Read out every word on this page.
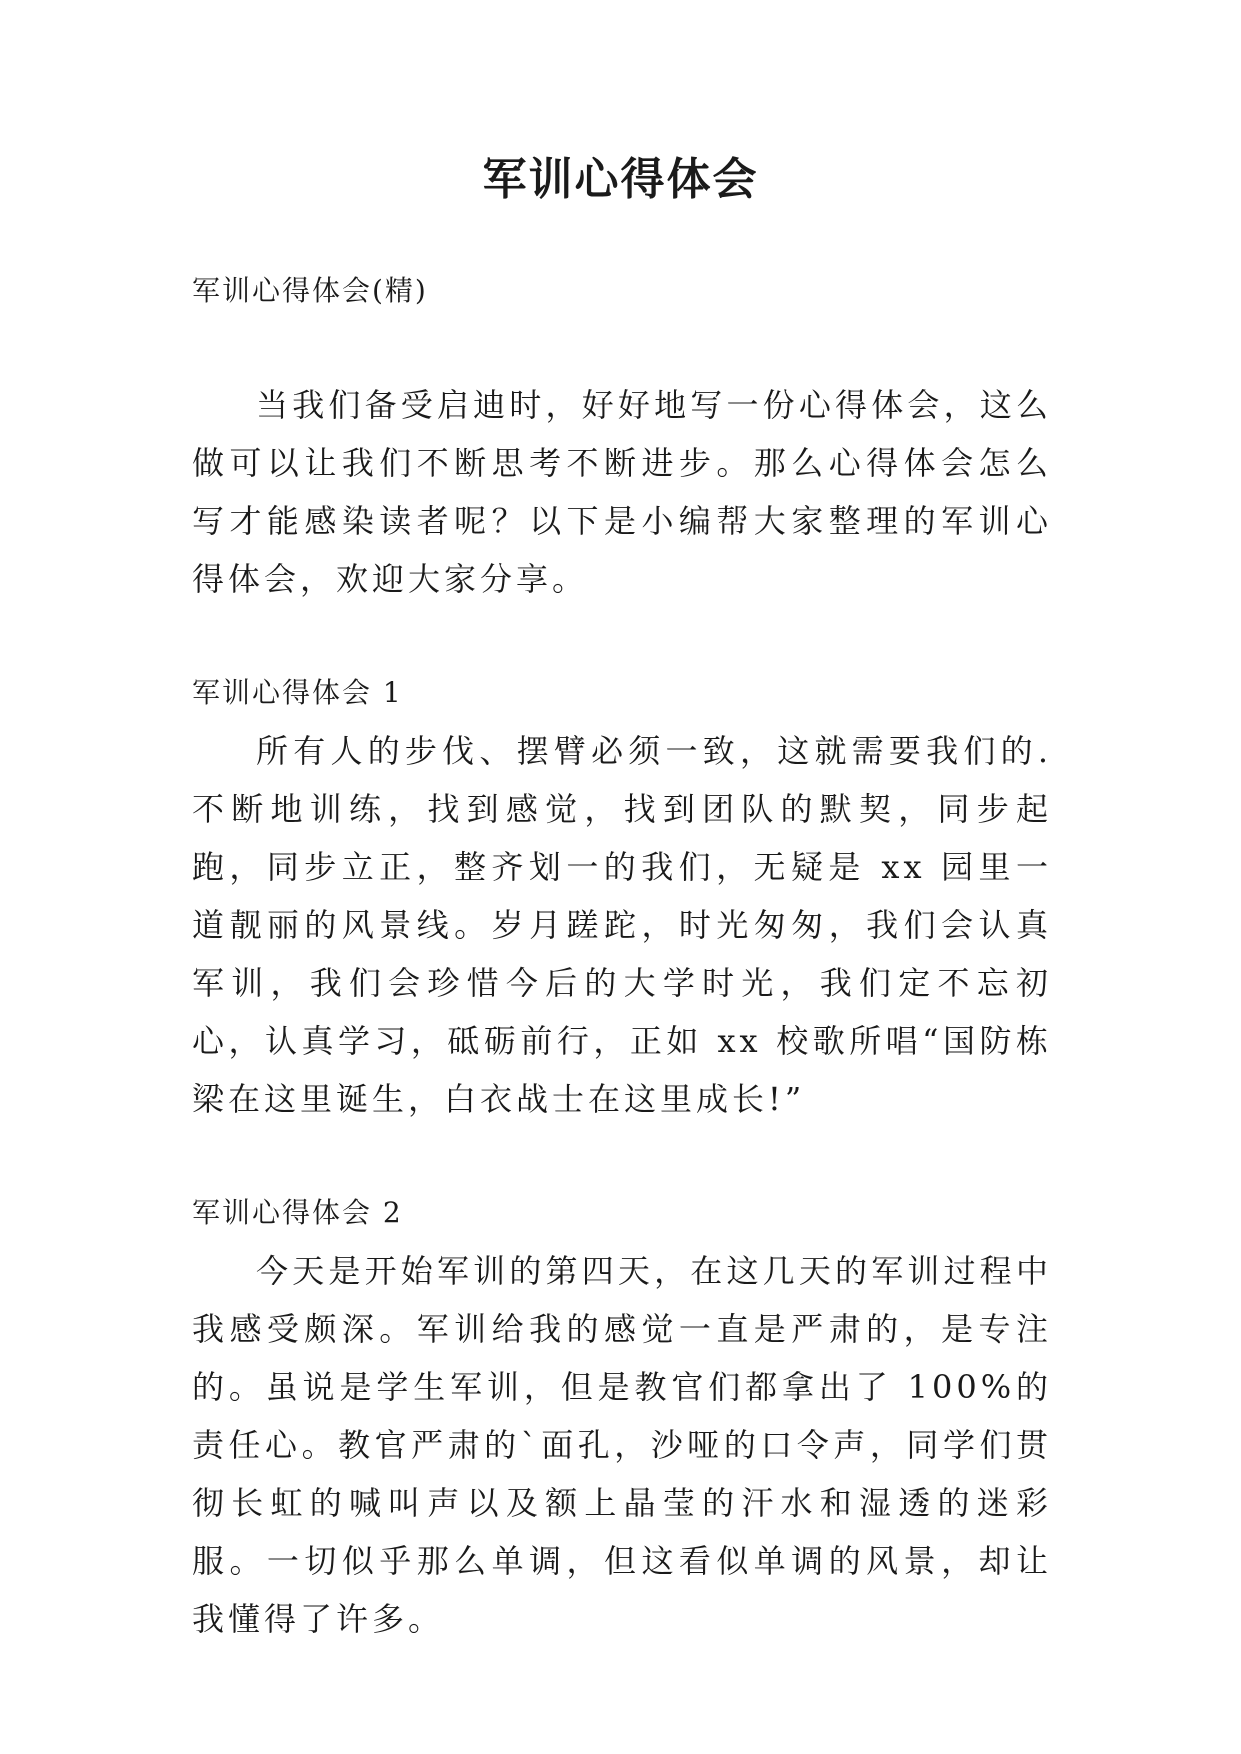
军训心得体会

军训心得体会(精)

当我们备受启迪时，好好地写一份心得体会，这么做可以让我们不断思考不断进步。那么心得体会怎么写才能感染读者呢？以下是小编帮大家整理的军训心得体会，欢迎大家分享。

军训心得体会 1

所有人的步伐、摆臂必须一致，这就需要我们的.不断地训练，找到感觉，找到团队的默契，同步起跑，同步立正，整齐划一的我们，无疑是 xx 园里一道靓丽的风景线。岁月蹉跎，时光匆匆，我们会认真军训，我们会珍惜今后的大学时光，我们定不忘初心，认真学习，砥砺前行，正如 xx 校歌所唱“国防栋梁在这里诞生，白衣战士在这里成长!”

军训心得体会 2

今天是开始军训的第四天，在这几天的军训过程中我感受颇深。军训给我的感觉一直是严肃的，是专注的。虽说是学生军训，但是教官们都拿出了 100%的责任心。教官严肃的`面孔，沙哑的口令声，同学们贯彻长虹的喊叫声以及额上晶莹的汗水和湿透的迷彩服。一切似乎那么单调，但这看似单调的风景，却让我懂得了许多。
